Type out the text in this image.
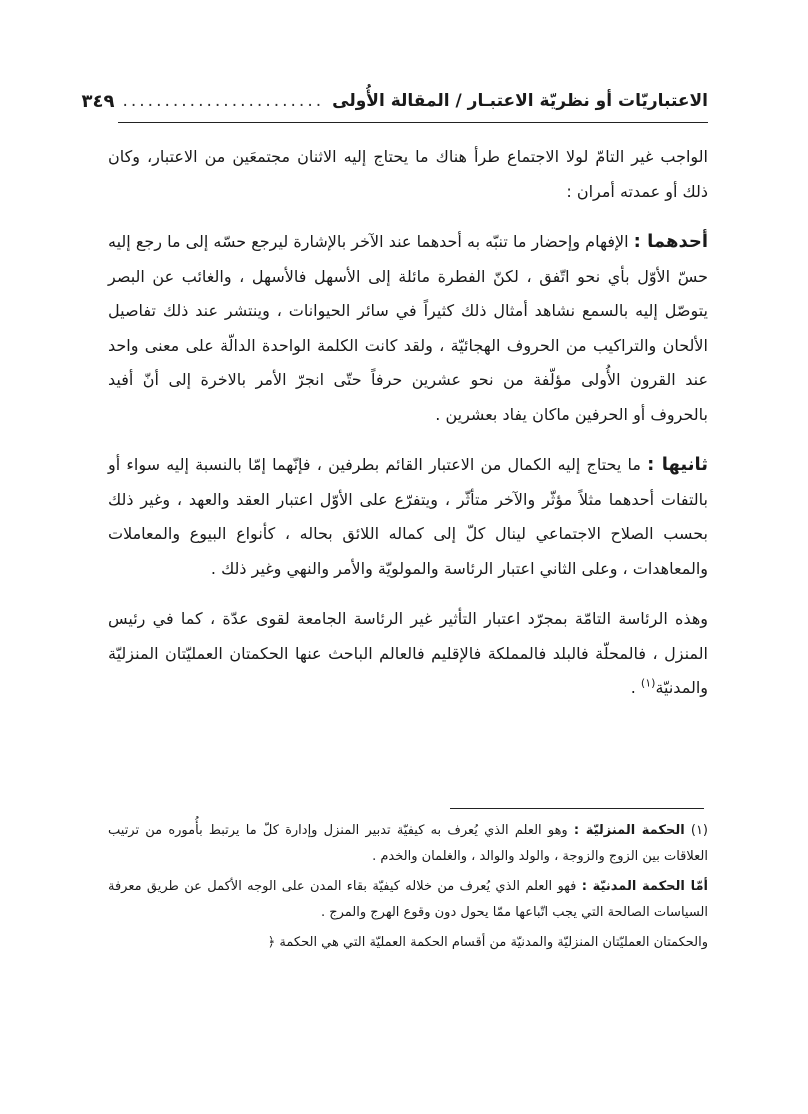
الاعتباريّات أو نظريّة الاعتبـار / المقالة الأُولى
........................
٣٤٩

الواجب غير التامّ لولا الاجتماع طرأ هناك ما يحتاج إليه الاثنان مجتمعَين من الاعتبار، وكان ذلك أو عمدته أمران :

أحدهما : الإفهام وإحضار ما تنبّه به أحدهما عند الآخر بالإشارة ليرجع حسّه إلى ما رجع إليه حسّ الأوّل بأي نحو اتّفق ، لكنّ الفطرة مائلة إلى الأسهل فالأسهل ، والغائب عن البصر يتوصّل إليه بالسمع نشاهد أمثال ذلك كثيراً في سائر الحيوانات ، وينتشر عند ذلك تفاصيل الألحان والتراكيب من الحروف الهجائيّة ، ولقد كانت الكلمة الواحدة الدالّة على معنى واحد عند القرون الأُولى مؤلّفة من نحو عشرين حرفاً حتّى انجرّ الأمر بالاخرة إلى أنّ أفيد بالحروف أو الحرفين ماكان يفاد بعشرين .

ثانيها : ما يحتاج إليه الكمال من الاعتبار القائم بطرفين ، فإنّهما إمّا بالنسبة إليه سواء أو بالتفات أحدهما مثلاً مؤثّر والآخر متأثّر ، ويتفرّع على الأوّل اعتبار العقد والعهد ، وغير ذلك بحسب الصلاح الاجتماعي لينال كلّ إلى كماله اللائق بحاله ، كأنواع البيوع والمعاملات والمعاهدات ، وعلى الثاني اعتبار الرئاسة والمولويّة والأمر والنهي وغير ذلك .

وهذه الرئاسة التامّة بمجرّد اعتبار التأثير غير الرئاسة الجامعة لقوى عدّة ، كما في رئيس المنزل ، فالمحلّة فالبلد فالمملكة فالإقليم فالعالم الباحث عنها الحكمتان العمليّتان المنزليّة والمدنيّة$^{(١)}$ .

(١) الحكمة المنزليّة : وهو العلم الذي يُعرف به كيفيّة تدبير المنزل وإدارة كلّ ما يرتبط بأُموره من ترتيب العلاقات بين الزوج والزوجة ، والولد والوالد ، والغلمان والخدم .

أمّا الحكمة المدنيّة : فهو العلم الذي يُعرف من خلاله كيفيّة بقاء المدن على الوجه الأكمل عن طريق معرفة السياسات الصالحة التي يجب اتّباعها ممّا يحول دون وقوع الهرج والمرج .

والحكمتان العمليّتان المنزليّة والمدنيّة من أقسام الحكمة العمليّة التي هي الحكمة ﴿
